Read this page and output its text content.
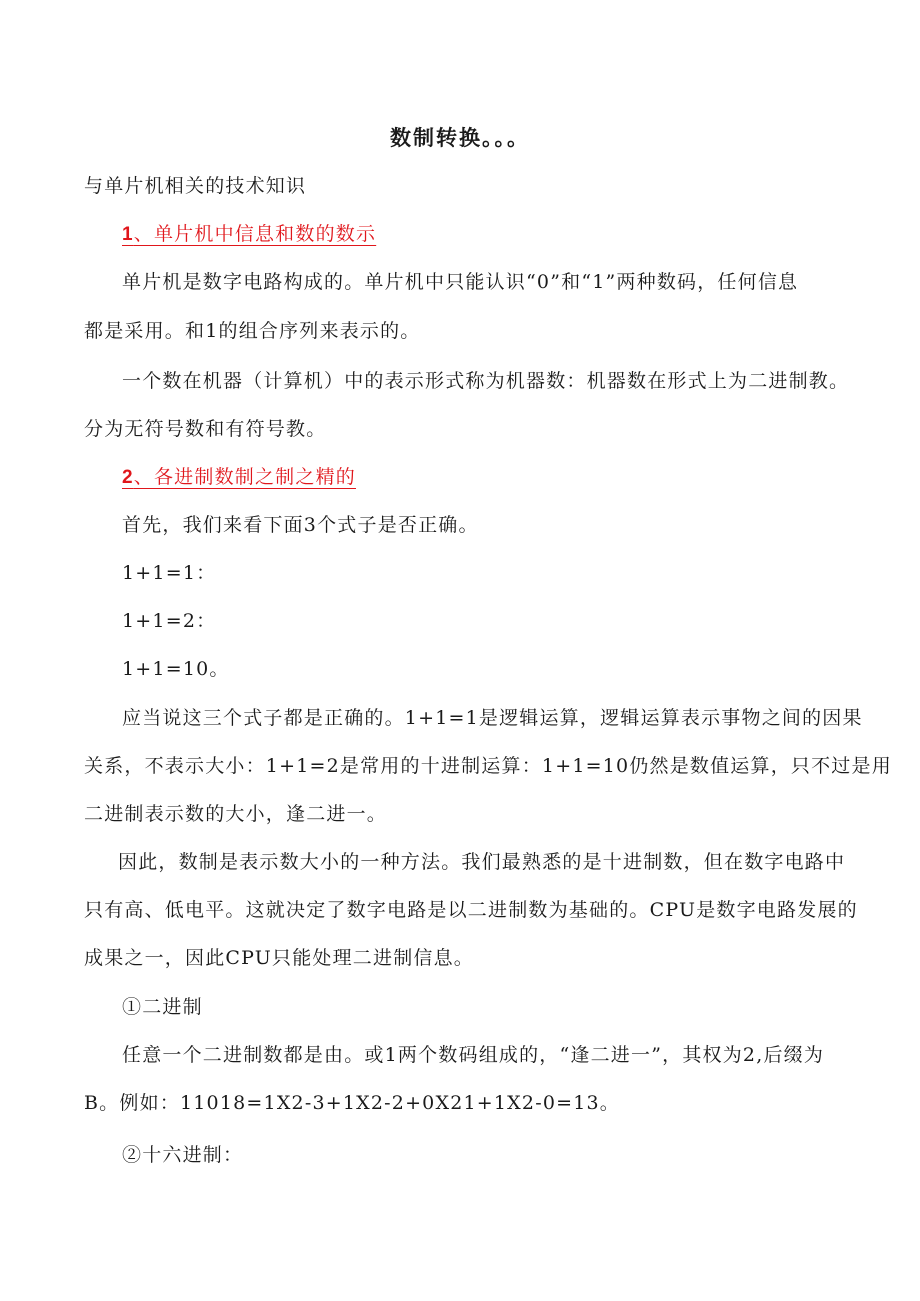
数制转换。。。
与单片机相关的技术知识
1、单片机中信息和数的数示
单片机是数字电路构成的。单片机中只能认识“0”和“1”两种数码，任何信息
都是采用。和1的组合序列来表示的。
一个数在机器（计算机）中的表示形式称为机器数：机器数在形式上为二进制教。
分为无符号数和有符号教。
2、各进制数制之制之精的
首先，我们来看下面3个式子是否正确。
1+1=1：
1+1=2：
1+1=10。
应当说这三个式子都是正确的。1+1=1是逻辑运算，逻辑运算表示事物之间的因果
关系，不表示大小：1+1=2是常用的十进制运算：1+1=10仍然是数值运算，只不过是用
二进制表示数的大小，逢二进一。
因此，数制是表示数大小的一种方法。我们最熟悉的是十进制数，但在数字电路中
只有高、低电平。这就决定了数字电路是以二进制数为基础的。CPU是数字电路发展的
成果之一，因此CPU只能处理二进制信息。
①二进制
任意一个二进制数都是由。或1两个数码组成的，“逢二进一”，其权为2,后缀为
B。例如：11018=1X2-3+1X2-2+0X21+1X2-0=13。
②十六进制：
